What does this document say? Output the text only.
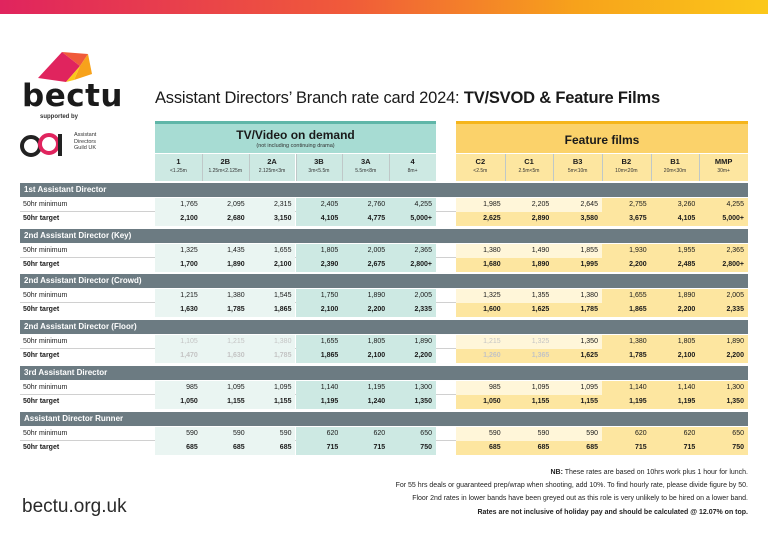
bectu
supported by
Assistant
Directors
Guild UK
Assistant Directors’ Branch rate card 2024: TV/SVOD & Feature Films
TV/Video on demand
(not including continuing drama)	Feature films
1
<1.25m
2B
1.25m<2.125m
2A
2.125m<3m
3B
3m<5.5m
3A
5.5m<8m
4
8m+
C2
<2.5m
C1
2.5m<5m
B3
5m<10m
B2
10m<20m
B1
20m<30m
MMP
30m+
1st Assistant Director
50hr minimum	1,765	2,095	2,315	2,405	2,760	4,255	1,985	2,205	2,645	2,755	3,260	4,255
50hr target	2,100	2,680	3,150	4,105	4,775	5,000+	2,625	2,890	3,580	3,675	4,105	5,000+
2nd Assistant Director (Key)
50hr minimum	1,325	1,435	1,655	1,805	2,005	2,365	1,380	1,490	1,855	1,930	1,955	2,365
50hr target	1,700	1,890	2,100	2,390	2,675	2,800+	1,680	1,890	1,995	2,200	2,485	2,800+
2nd Assistant Director (Crowd)
50hr minimum	1,215	1,380	1,545	1,750	1,890	2,005	1,325	1,355	1,380	1,655	1,890	2,005
50hr target	1,630	1,785	1,865	2,100	2,200	2,335	1,600	1,625	1,785	1,865	2,200	2,335
2nd Assistant Director (Floor)
50hr minimum	1,105	1,215	1,380	1,655	1,805	1,890	1,215	1,325	1,350	1,380	1,805	1,890
50hr target	1,470	1,630	1,785	1,865	2,100	2,200	1,260	1,365	1,625	1,785	2,100	2,200
3rd Assistant Director
50hr minimum	985	1,095	1,095	1,140	1,195	1,300	985	1,095	1,095	1,140	1,140	1,300
50hr target	1,050	1,155	1,155	1,195	1,240	1,350	1,050	1,155	1,155	1,195	1,195	1,350
Assistant Director Runner
50hr minimum	590	590	590	620	620	650	590	590	590	620	620	650
50hr target	685	685	685	715	715	750	685	685	685	715	715	750
bectu.org.uk
NB: These rates are based on 10hrs work plus 1 hour for lunch.
For 55 hrs deals or guaranteed prep/wrap when shooting, add 10%. To find hourly rate, please divide figure by 50.
Floor 2nd rates in lower bands have been greyed out as this role is very unlikely to be hired on a lower band.
Rates are not inclusive of holiday pay and should be calculated @ 12.07% on top.
